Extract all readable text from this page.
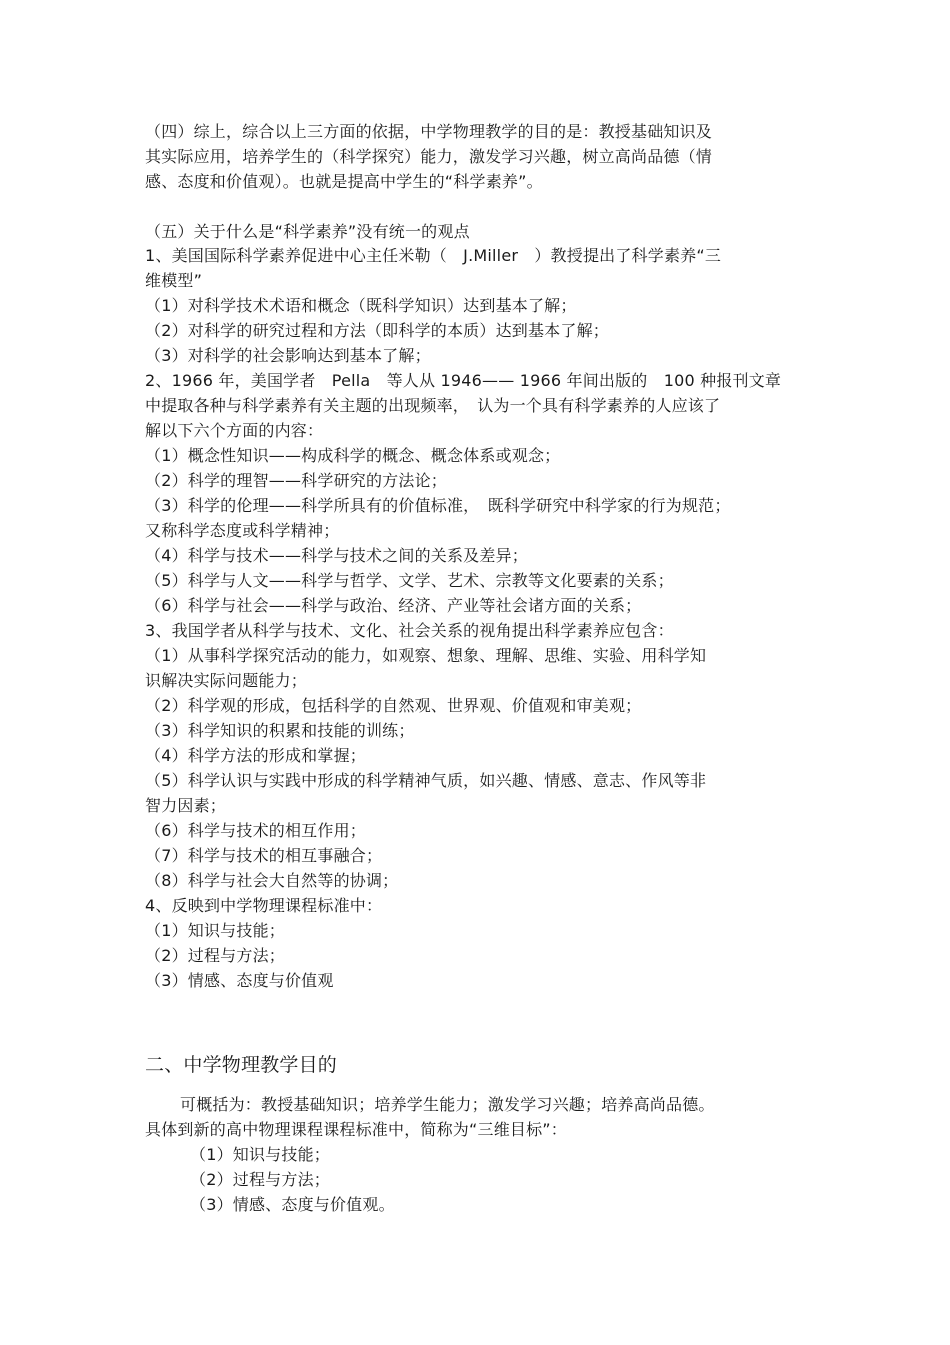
（四）综上，综合以上三方面的依据，中学物理教学的目的是：教授基础知识及
其实际应用，培养学生的（科学探究）能力，激发学习兴趣，树立高尚品德（情
感、态度和价值观）。也就是提高中学生的“科学素养”。
（五）关于什么是“科学素养”没有统一的观点
1、美国国际科学素养促进中心主任米勒（　J.Miller　）教授提出了科学素养“三
维模型”
（1）对科学技术术语和概念（既科学知识）达到基本了解；
（2）对科学的研究过程和方法（即科学的本质）达到基本了解；
（3）对科学的社会影响达到基本了解；
2、1966 年，美国学者　Pella　等人从 1946—— 1966 年间出版的　100 种报刊文章
中提取各种与科学素养有关主题的出现频率，　认为一个具有科学素养的人应该了
解以下六个方面的内容：
（1）概念性知识——构成科学的概念、概念体系或观念；
（2）科学的理智——科学研究的方法论；
（3）科学的伦理——科学所具有的价值标准，　既科学研究中科学家的行为规范；
又称科学态度或科学精神；
（4）科学与技术——科学与技术之间的关系及差异；
（5）科学与人文——科学与哲学、文学、艺术、宗教等文化要素的关系；
（6）科学与社会——科学与政治、经济、产业等社会诸方面的关系；
3、我国学者从科学与技术、文化、社会关系的视角提出科学素养应包含：
（1）从事科学探究活动的能力，如观察、想象、理解、思维、实验、用科学知
识解决实际问题能力；
（2）科学观的形成，包括科学的自然观、世界观、价值观和审美观；
（3）科学知识的积累和技能的训练；
（4）科学方法的形成和掌握；
（5）科学认识与实践中形成的科学精神气质，如兴趣、情感、意志、作风等非
智力因素；
（6）科学与技术的相互作用；
（7）科学与技术的相互事融合；
（8）科学与社会大自然等的协调；
4、反映到中学物理课程标准中：
（1）知识与技能；
（2）过程与方法；
（3）情感、态度与价值观
二、中学物理教学目的
可概括为：教授基础知识；培养学生能力；激发学习兴趣；培养高尚品德。
具体到新的高中物理课程课程标准中，简称为“三维目标”：
（1）知识与技能；
（2）过程与方法；
（3）情感、态度与价值观。
